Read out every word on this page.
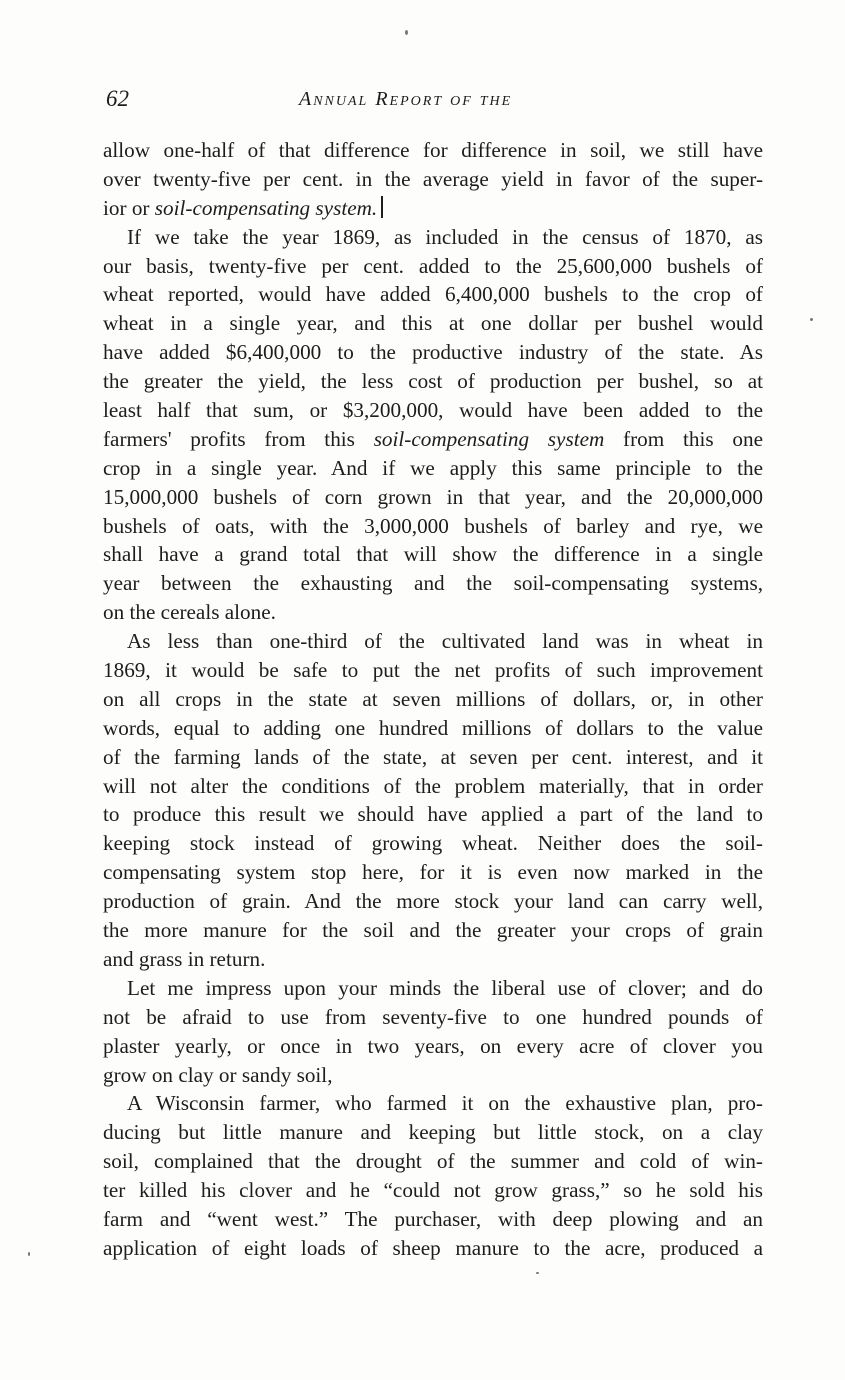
62	Annual Report of the
allow one-half of that difference for difference in soil, we still have
over twenty-five per cent. in the average yield in favor of the super-
ior or soil-compensating system.
If we take the year 1869, as included in the census of 1870, as
our basis, twenty-five per cent. added to the 25,600,000 bushels of
wheat reported, would have added 6,400,000 bushels to the crop of
wheat in a single year, and this at one dollar per bushel would
have added $6,400,000 to the productive industry of the state. As
the greater the yield, the less cost of production per bushel, so at
least half that sum, or $3,200,000, would have been added to the
farmers' profits from this soil-compensating system from this one
crop in a single year. And if we apply this same principle to the
15,000,000 bushels of corn grown in that year, and the 20,000,000
bushels of oats, with the 3,000,000 bushels of barley and rye, we
shall have a grand total that will show the difference in a single
year between the exhausting and the soil-compensating systems,
on the cereals alone.
As less than one-third of the cultivated land was in wheat in
1869, it would be safe to put the net profits of such improvement
on all crops in the state at seven millions of dollars, or, in other
words, equal to adding one hundred millions of dollars to the value
of the farming lands of the state, at seven per cent. interest, and it
will not alter the conditions of the problem materially, that in order
to produce this result we should have applied a part of the land to
keeping stock instead of growing wheat. Neither does the soil-
compensating system stop here, for it is even now marked in the
production of grain. And the more stock your land can carry well,
the more manure for the soil and the greater your crops of grain
and grass in return.
Let me impress upon your minds the liberal use of clover; and do
not be afraid to use from seventy-five to one hundred pounds of
plaster yearly, or once in two years, on every acre of clover you
grow on clay or sandy soil,
A Wisconsin farmer, who farmed it on the exhaustive plan, pro-
ducing but little manure and keeping but little stock, on a clay
soil, complained that the drought of the summer and cold of win-
ter killed his clover and he “could not grow grass,” so he sold his
farm and “went west.” The purchaser, with deep plowing and an
application of eight loads of sheep manure to the acre, produced a
